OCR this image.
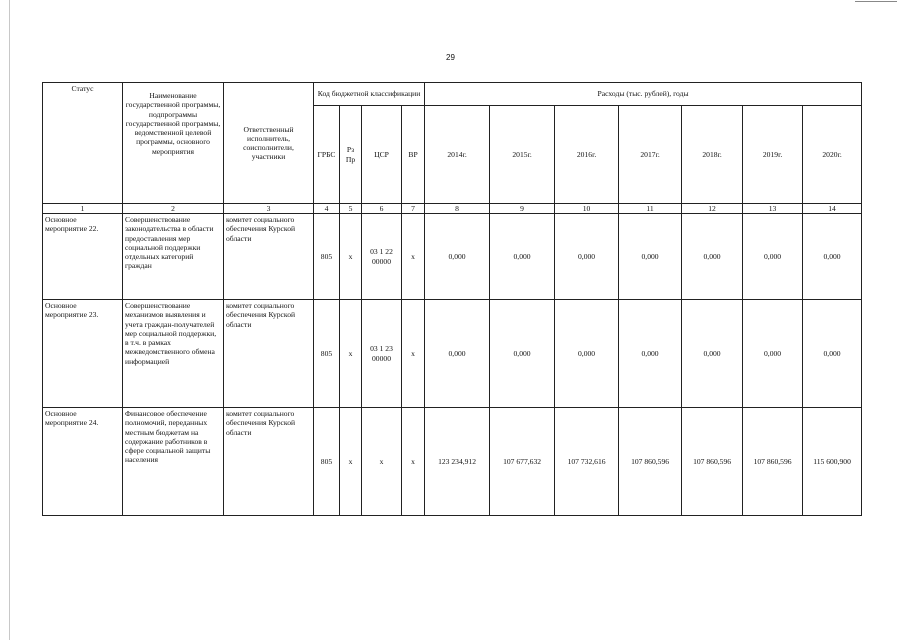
29
Статус	Наименование государственной программы, подпрограммы государственной программы, ведомственной целевой программы, основного мероприятия	Ответственный исполнитель, соисполнители, участники	Код бюджетной классификации				Расходы (тыс. рублей), годы						
			ГРБС	Рз Пр	ЦСР	ВР	2014г.	2015г.	2016г.	2017г.	2018г.	2019г.	2020г.
1	2	3	4	5	6	7	8	9	10	11	12	13	14
Основное мероприятие 22.	Совершенствование законодательства в области предоставления мер социальной поддержки отдельных категорий граждан	комитет социального обеспечения Курской области	805	х	03 1 22 00000	х	0,000	0,000	0,000	0,000	0,000	0,000	0,000
Основное мероприятие 23.	Совершенствование механизмов выявления и учета граждан-получателей мер социальной поддержки, в т.ч. в рамках межведомственного обмена информацией	комитет социального обеспечения Курской области	805	х	03 1 23 00000	х	0,000	0,000	0,000	0,000	0,000	0,000	0,000
Основное мероприятие 24.	Финансовое обеспечение полномочий, переданных местным бюджетам на содержание работников в сфере социальной защиты населения	комитет социального обеспечения Курской области	805	х	х	х	123 234,912	107 677,632	107 732,616	107 860,596	107 860,596	107 860,596	115 600,900
